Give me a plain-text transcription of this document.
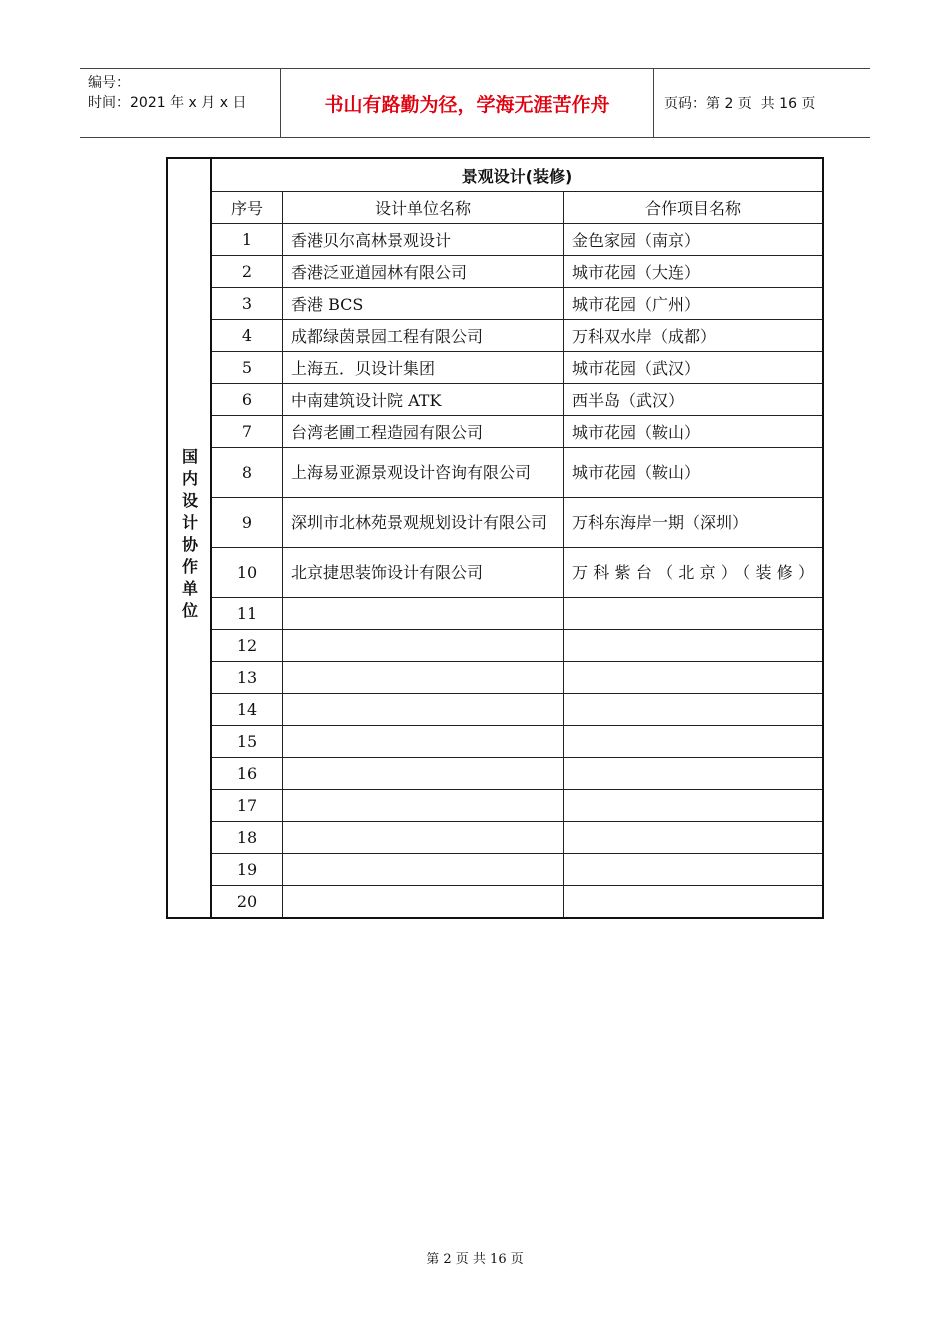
编号：
时间：2021 年 x 月 x 日	书山有路勤为径，学海无涯苦作舟	页码：第 2 页  共 16 页
国内设计协作单位	景观设计(装修)		
	序号	设计单位名称	合作项目名称
	1	香港贝尔高林景观设计	金色家园（南京）
	2	香港泛亚道园林有限公司	城市花园（大连）
	3	香港 BCS	城市花园（广州）
	4	成都绿茵景园工程有限公司	万科双水岸（成都）
	5	上海五．贝设计集团	城市花园（武汉）
	6	中南建筑设计院 ATK	西半岛（武汉）
	7	台湾老圃工程造园有限公司	城市花园（鞍山）
	8	上海易亚源景观设计咨询有限公司	城市花园（鞍山）
	9	深圳市北林苑景观规划设计有限公司	万科东海岸一期（深圳）
	10	北京捷思装饰设计有限公司	万科紫台（北京）（装修）
	11		
	12		
	13		
	14		
	15		
	16		
	17		
	18		
	19		
	20		
第 2 页 共 16 页
